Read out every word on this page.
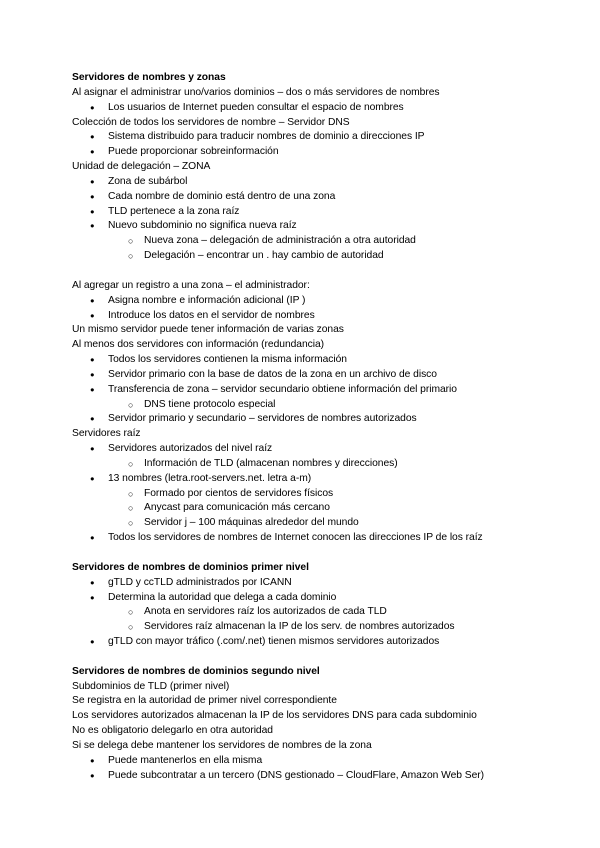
Servidores de nombres y zonas
Al asignar el administrar uno/varios dominios – dos o más servidores de nombres
● Los usuarios de Internet pueden consultar el espacio de nombres
Colección de todos los servidores de nombre – Servidor DNS
● Sistema distribuido para traducir nombres de dominio a direcciones IP
● Puede proporcionar sobreinformación
Unidad de delegación – ZONA
● Zona de subárbol
● Cada nombre de dominio está dentro de una zona
● TLD pertenece a la zona raíz
● Nuevo subdominio no significa nueva raíz
○ Nueva zona – delegación de administración a otra autoridad
○ Delegación – encontrar un . hay cambio de autoridad
Al agregar un registro a una zona – el administrador:
● Asigna nombre e información adicional (IP )
● Introduce los datos en el servidor de nombres
Un mismo servidor puede tener información de varias zonas
Al menos dos servidores con información (redundancia)
● Todos los servidores contienen la misma información
● Servidor primario con la base de datos de la zona en un archivo de disco
● Transferencia de zona – servidor secundario obtiene información del primario
○ DNS tiene protocolo especial
● Servidor primario y secundario – servidores de nombres autorizados
Servidores raíz
● Servidores autorizados del nivel raíz
○ Información de TLD (almacenan nombres y direcciones)
● 13 nombres (letra.root-servers.net. letra a-m)
○ Formado por cientos de servidores físicos
○ Anycast para comunicación más cercano
○ Servidor j – 100 máquinas alrededor del mundo
● Todos los servidores de nombres de Internet conocen las direcciones IP de los raíz
Servidores de nombres de dominios primer nivel
● gTLD y ccTLD administrados por ICANN
● Determina la autoridad que delega a cada dominio
○ Anota en servidores raíz los autorizados de cada TLD
○ Servidores raíz almacenan la IP de los serv. de nombres autorizados
● gTLD con mayor tráfico (.com/.net) tienen mismos servidores autorizados
Servidores de nombres de dominios segundo nivel
Subdominios de TLD (primer nivel)
Se registra en la autoridad de primer nivel correspondiente
Los servidores autorizados almacenan la IP de los servidores DNS para cada subdominio
No es obligatorio delegarlo en otra autoridad
Si se delega debe mantener los servidores de nombres de la zona
● Puede mantenerlos en ella misma
● Puede subcontratar a un tercero (DNS gestionado – CloudFlare, Amazon Web Ser)
